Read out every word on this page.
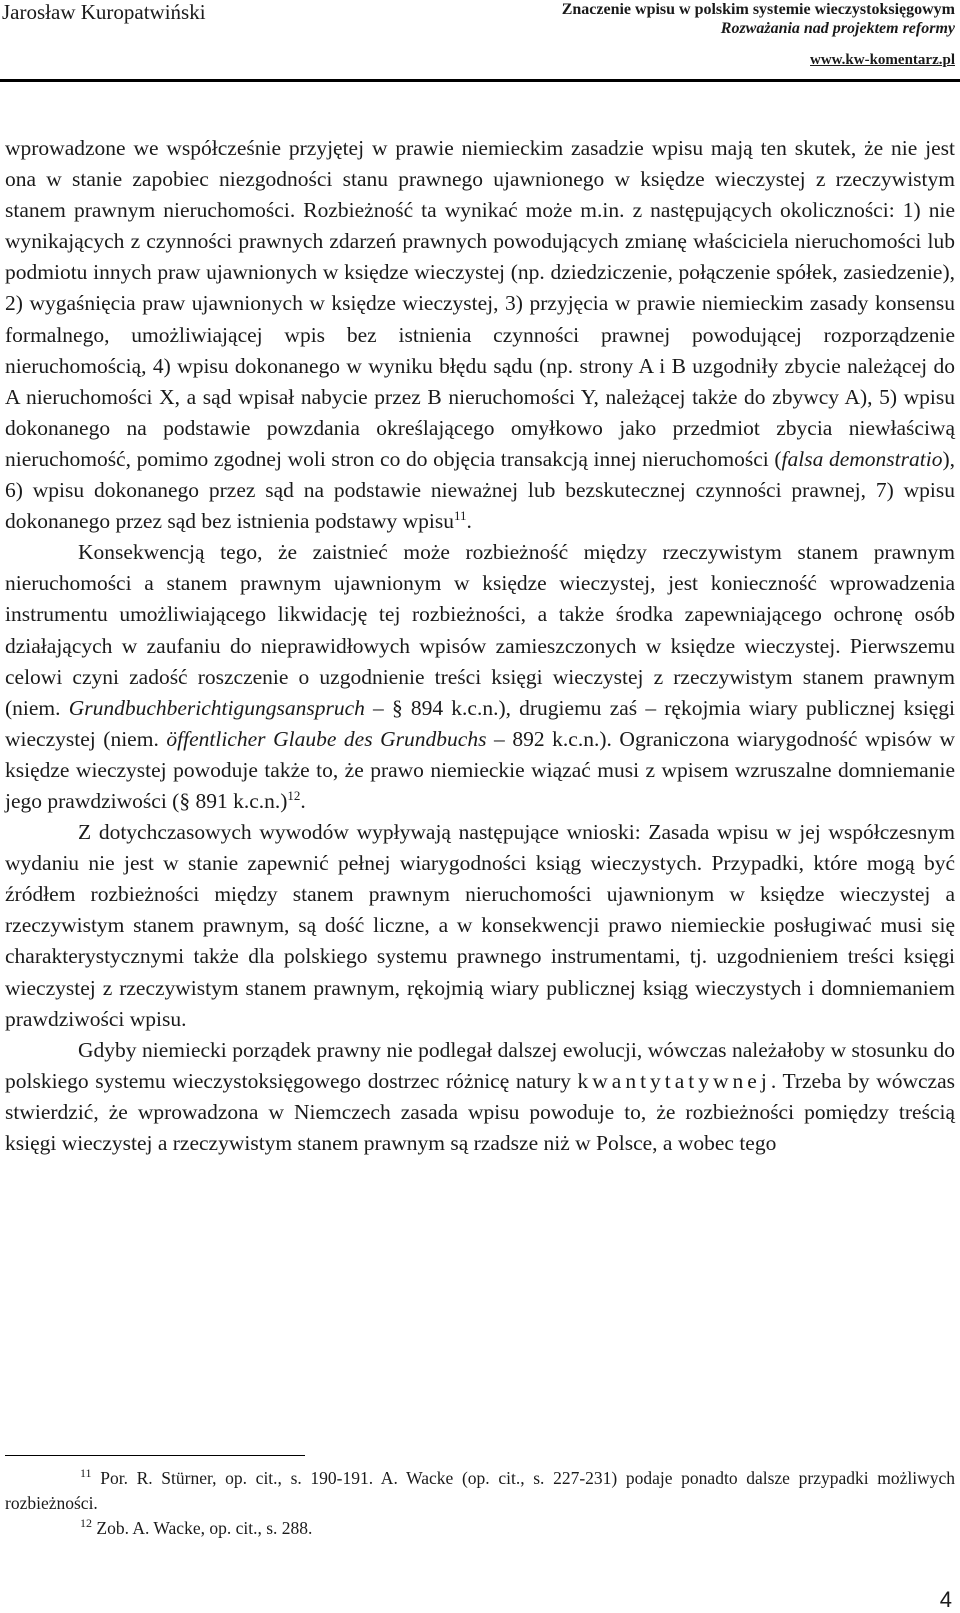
Jarosław Kuropatwiński	Znaczenie wpisu w polskim systemie wieczystoksięgowym
Rozważania nad projektem reformy
www.kw-komentarz.pl

wprowadzone we współcześnie przyjętej w prawie niemieckim zasadzie wpisu mają ten skutek, że nie jest ona w stanie zapobiec niezgodności stanu prawnego ujawnionego w księdze wieczystej z rzeczywistym stanem prawnym nieruchomości. Rozbieżność ta wynikać może m.in. z następujących okoliczności: 1) nie wynikających z czynności prawnych zdarzeń prawnych powodujących zmianę właściciela nieruchomości lub podmiotu innych praw ujawnionych w księdze wieczystej (np. dziedziczenie, połączenie spółek, zasiedzenie), 2) wygaśnięcia praw ujawnionych w księdze wieczystej, 3) przyjęcia w prawie niemieckim zasady konsensu formalnego, umożliwiającej wpis bez istnienia czynności prawnej powodującej rozporządzenie nieruchomością, 4) wpisu dokonanego w wyniku błędu sądu (np. strony A i B uzgodniły zbycie należącej do A nieruchomości X, a sąd wpisał nabycie przez B nieruchomości Y, należącej także do zbywcy A), 5) wpisu dokonanego na podstawie powzdania określającego omyłkowo jako przedmiot zbycia niewłaściwą nieruchomość, pomimo zgodnej woli stron co do objęcia transakcją innej nieruchomości (falsa demonstratio), 6) wpisu dokonanego przez sąd na podstawie nieważnej lub bezskutecznej czynności prawnej, 7) wpisu dokonanego przez sąd bez istnienia podstawy wpisu$^{11}$.

Konsekwencją tego, że zaistnieć może rozbieżność między rzeczywistym stanem prawnym nieruchomości a stanem prawnym ujawnionym w księdze wieczystej, jest konieczność wprowadzenia instrumentu umożliwiającego likwidację tej rozbieżności, a także środka zapewniającego ochronę osób działających w zaufaniu do nieprawidłowych wpisów zamieszczonych w księdze wieczystej. Pierwszemu celowi czyni zadość roszczenie o uzgodnienie treści księgi wieczystej z rzeczywistym stanem prawnym (niem. Grundbuchberichtigungsanspruch – § 894 k.c.n.), drugiemu zaś – rękojmia wiary publicznej księgi wieczystej (niem. öffentlicher Glaube des Grundbuchs – 892 k.c.n.). Ograniczona wiarygodność wpisów w księdze wieczystej powoduje także to, że prawo niemieckie wiązać musi z wpisem wzruszalne domniemanie jego prawdziwości (§ 891 k.c.n.)$^{12}$.

Z dotychczasowych wywodów wypływają następujące wnioski: Zasada wpisu w jej współczesnym wydaniu nie jest w stanie zapewnić pełnej wiarygodności ksiąg wieczystych. Przypadki, które mogą być źródłem rozbieżności między stanem prawnym nieruchomości ujawnionym w księdze wieczystej a rzeczywistym stanem prawnym, są dość liczne, a w konsekwencji prawo niemieckie posługiwać musi się charakterystycznymi także dla polskiego systemu prawnego instrumentami, tj. uzgodnieniem treści księgi wieczystej z rzeczywistym stanem prawnym, rękojmią wiary publicznej ksiąg wieczystych i domniemaniem prawdziwości wpisu.

Gdyby niemiecki porządek prawny nie podlegał dalszej ewolucji, wówczas należałoby w stosunku do polskiego systemu wieczystoksięgowego dostrzec różnicę natury kwantytatywnej. Trzeba by wówczas stwierdzić, że wprowadzona w Niemczech zasada wpisu powoduje to, że rozbieżności pomiędzy treścią księgi wieczystej a rzeczywistym stanem prawnym są rzadsze niż w Polsce, a wobec tego

$^{11}$ Por. R. Stürner, op. cit., s. 190-191. A. Wacke (op. cit., s. 227-231) podaje ponadto dalsze przypadki możliwych rozbieżności.

$^{12}$ Zob. A. Wacke, op. cit., s. 288.

4
